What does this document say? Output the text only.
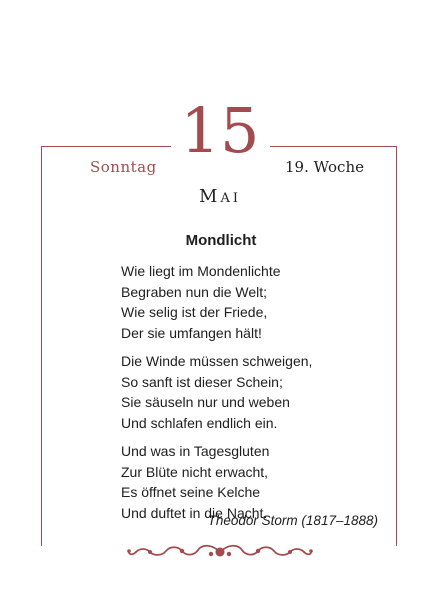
15
Sonntag	19. Woche
Mai
Mondlicht
Wie liegt im Mondenlichte
Begraben nun die Welt;
Wie selig ist der Friede,
Der sie umfangen hält!
Die Winde müssen schweigen,
So sanft ist dieser Schein;
Sie säuseln nur und weben
Und schlafen endlich ein.
Und was in Tagesgluten
Zur Blüte nicht erwacht,
Es öffnet seine Kelche
Und duftet in die Nacht.
Theodor Storm (1817–1888)
